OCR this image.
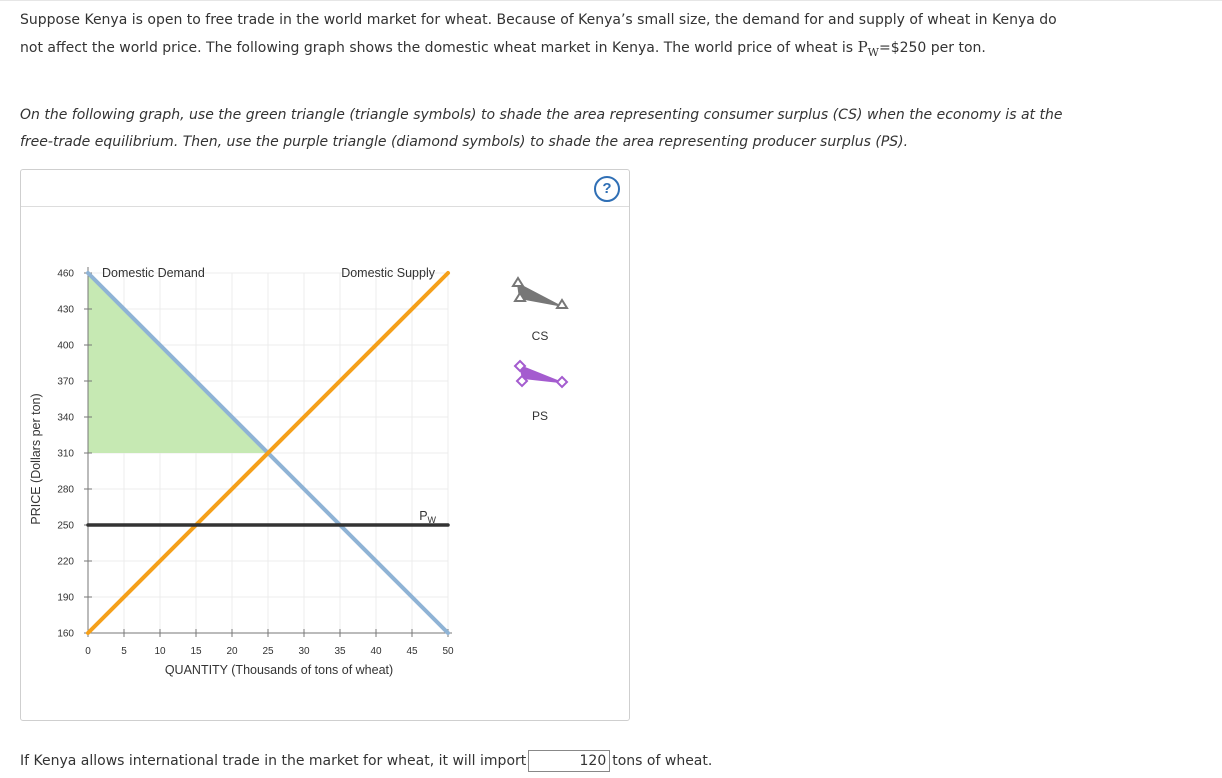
Suppose Kenya is open to free trade in the world market for wheat. Because of Kenya’s small size, the demand for and supply of wheat in Kenya do not affect the world price. The following graph shows the domestic wheat market in Kenya. The world price of wheat is $P_W=\$250$ per ton.
On the following graph, use the green triangle (triangle symbols) to shade the area representing consumer surplus (CS) when the economy is at the free-trade equilibrium. Then, use the purple triangle (diamond symbols) to shade the area representing producer surplus (PS).
?
160
190
220
250
280
310
340
370
400
430
460
0	5	10 15 20 25 30 35 40 45 50
QUANTITY (Thousands of tons of wheat)
PRICE (Dollars per ton)
Domestic Demand	Domestic Supply
$P_W$
CS
PS
If Kenya allows international trade in the market for wheat, it will import120	tons of wheat.
